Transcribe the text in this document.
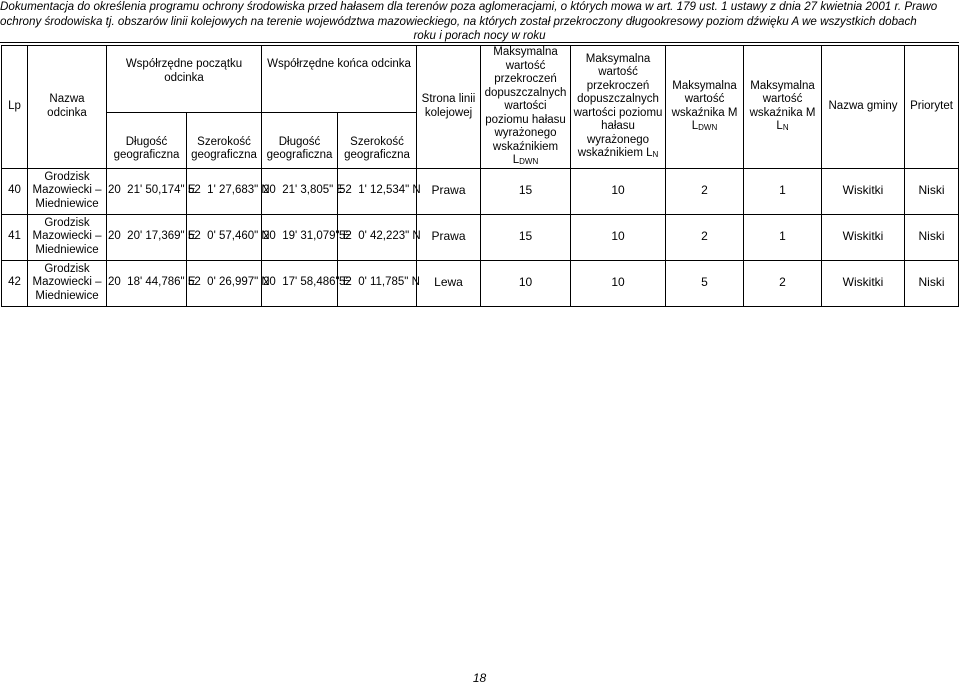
Dokumentacja do określenia programu ochrony środowiska przed hałasem dla terenów poza aglomeracjami, o których mowa w art. 179 ust. 1 ustawy z dnia 27 kwietnia 2001 r. Prawo
ochrony środowiska tj. obszarów linii kolejowych na terenie województwa mazowieckiego, na których został przekroczony długookresowy poziom dźwięku A we wszystkich dobach
roku i porach nocy w roku
Lp	Nazwa odcinka	Współrzędne początku odcinka		Współrzędne końca odcinka		Strona linii kolejowej	Maksymalna wartość przekroczeń dopuszczalnych wartości poziomu hałasu wyrażonego wskaźnikiem
$L_{DWN}$	Maksymalna wartość przekroczeń dopuszczalnych wartości poziomu hałasu wyrażonego wskaźnikiem $L_N$	Maksymalna wartość wskaźnika M
$L_{DWN}$	Maksymalna wartość wskaźnika M $L_N$	Nazwa gminy	Priorytet
		Długość geograficzna	Szerokość geograficzna	Długość geograficzna	Szerokość geograficzna							
40	Grodzisk Mazowiecki – Miedniewice	20  21' 50,174" E	52  1' 27,683" N	20  21' 3,805" E	52  1' 12,534" N	Prawa	15	10	2	1	Wiskitki	Niski
41	Grodzisk Mazowiecki – Miedniewice	20  20' 17,369" E	52  0' 57,460" N	20  19' 31,079" E	52  0' 42,223" N	Prawa	15	10	2	1	Wiskitki	Niski
42	Grodzisk Mazowiecki – Miedniewice	20  18' 44,786" E	52  0' 26,997" N	20  17' 58,486" E	52  0' 11,785" N	Lewa	10	10	5	2	Wiskitki	Niski
18
